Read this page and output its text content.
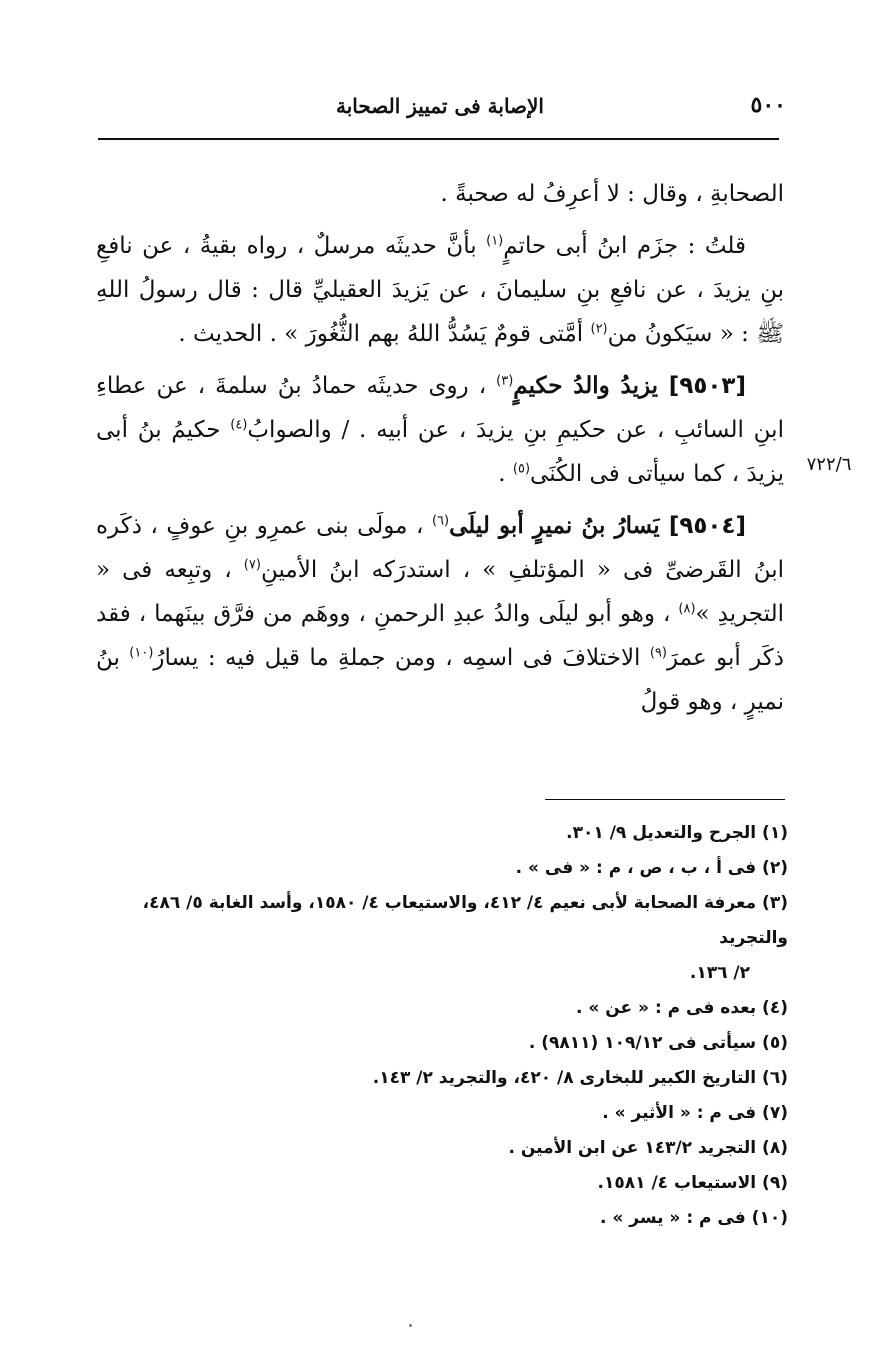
٥٠٠
الإصابة فى تمييز الصحابة
٧٢٢/٦

الصحابةِ ، وقال : لا أعرِفُ له صحبةً .

قلتُ : جزَم ابنُ أبى حاتمٍ$^{(١)}$ بأنَّ حديثَه مرسلٌ ، رواه بقيةُ ، عن نافعِ بنِ يزيدَ ، عن نافعِ بنِ سليمانَ ، عن يَزيدَ العقيليِّ قال : قال رسولُ اللهِ ﷺ : « سيَكونُ من$^{(٢)}$ أمَّتى قومٌ يَسُدُّ اللهُ بهم الثُّغُورَ » . الحديث .

[٩٥٠٣] يزيدُ والدُ حكيمٍ$^{(٣)}$ ، روى حديثَه حمادُ بنُ سلمةَ ، عن عطاءِ ابنِ السائبِ ، عن حكيمِ بنِ يزيدَ ، عن أبيه . / والصوابُ$^{(٤)}$ حكيمُ بنُ أبى يزيدَ ، كما سيأتى فى الكُنَى$^{(٥)}$ .

[٩٥٠٤] يَسارُ بنُ نميرٍ أبو ليلَى$^{(٦)}$ ، مولَى بنى عمرِو بنِ عوفٍ ، ذكَره ابنُ القَرضىِّ فى « المؤتلفِ » ، استدرَكه ابنُ الأمينِ$^{(٧)}$ ، وتبِعه فى « التجريدِ »$^{(٨)}$ ، وهو أبو ليلَى والدُ عبدِ الرحمنِ ، ووهَم من فرَّق بينَهما ، فقد ذكَر أبو عمرَ$^{(٩)}$ الاختلافَ فى اسمِه ، ومن جملةِ ما قيل فيه : يسارُ$^{(١٠)}$ بنُ نميرٍ ، وهو قولُ

(١) الجرح والتعديل ٩/ ٣٠١.

(٢) فى أ ، ب ، ص ، م : « فى » .

(٣) معرفة الصحابة لأبى نعيم ٤/ ٤١٢، والاستيعاب ٤/ ١٥٨٠، وأسد الغابة ٥/ ٤٨٦، والتجريد
٢/ ١٣٦.

(٤) بعده فى م : « عن » .

(٥) سيأتى فى ١٠٩/١٢ (٩٨١١) .

(٦) التاريخ الكبير للبخارى ٨/ ٤٢٠، والتجريد ٢/ ١٤٣.

(٧) فى م : « الأثير » .

(٨) التجريد ١٤٣/٢ عن ابن الأمين .

(٩) الاستيعاب ٤/ ١٥٨١.

(١٠) فى م : « يسر » .
